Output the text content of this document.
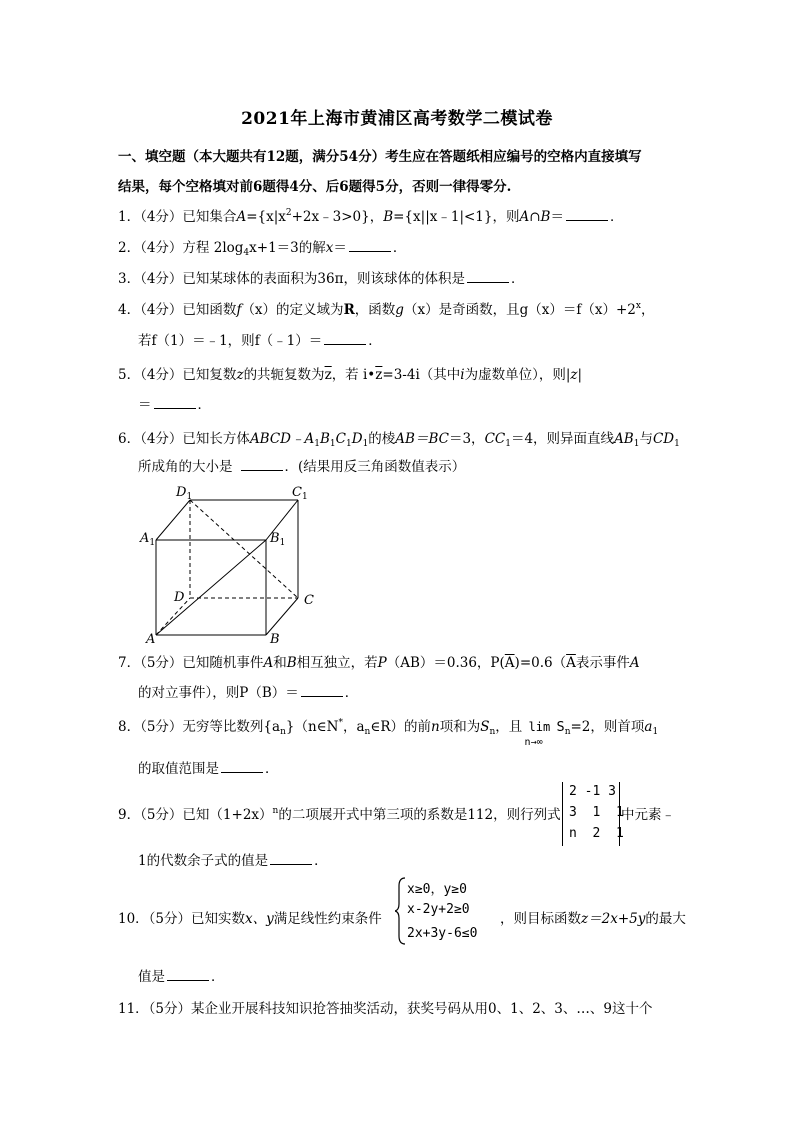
2021年上海市黄浦区高考数学二模试卷
一、填空题（本大题共有12题，满分54分）考生应在答题纸相应编号的空格内直接填写
结果，每个空格填对前6题得4分、后6题得5分，否则一律得零分.
1．（4分）已知集合$A=\{x|x^2+2x﹣3>0\}$，B={x||x﹣1|<1}，则A∩B＝	．
2．（4分）方程 $2\log_4x+1=3$的解x＝	．
3．（4分）已知某球体的表面积为36π，则该球体的体积是	．
4．（4分）已知函数f（x）的定义域为R，函数g（x）是奇函数，且$g(x)=f(x)+2^x$，
若f（1）＝﹣1，则f（﹣1）＝	．
5．（4分）已知复数z的共轭复数为$\overline{z}$，若 $i•\overline{z}=3-4i$（其中i为虚数单位），则|z|
＝	．
6．（4分）已知长方体$ABCD﹣A_1B_1C_1D_1$的棱AB＝BC＝3，$CC_1=4$，则异面直线$AB_1$与$CD_1$
所成角的大小是	．(结果用反三角函数值表示）
$D_1$	$C_1$
$A_1$	$B_1$
D	C
A	B
7．（5分）已知随机事件A和B相互独立，若P（AB）＝0.36，$P(\overline{A})=0.6(\overline{A}$表示事件A
的对立事件），则P（B）＝	．
8．（5分）无穷等比数列$\{a_n\}(n\in N^*$，$a_n\in R$）的前n项和为$S_n$，且 lim
n→∞
$S_n=2$，则首项$a_1$
的取值范围是	．
9．（5分）已知$(1+2x)^n$的二项展开式中第三项的系数是112，则行列式
2 -1 3
3  1  1
n  2  1
中元素﹣
1的代数余子式的值是	．
10．（5分）已知实数x、y满足线性约束条件
x≥0，y≥0
x-2y+2≥0
2x+3y-6≤0
，则目标函数z＝2x+5y的最大
值是	．
11．（5分）某企业开展科技知识抢答抽奖活动，获奖号码从用0、1、2、3、…、9这十个
